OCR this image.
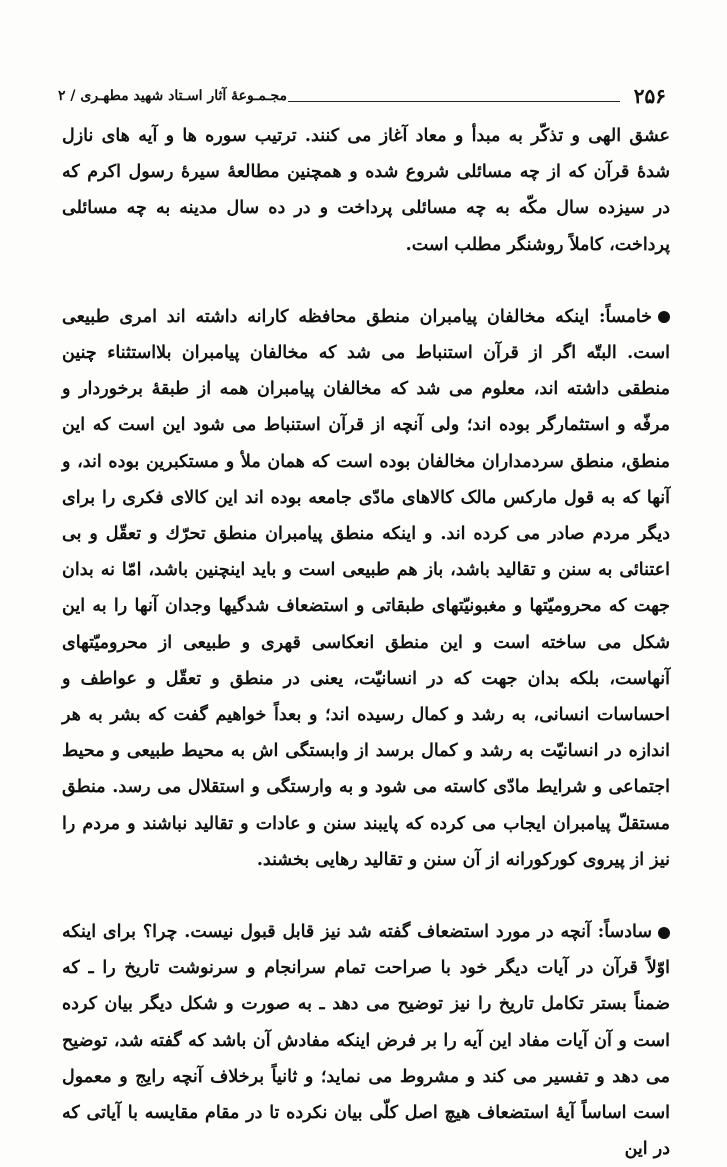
۲۵۶
مجـمـوعهٔ آثار اسـتاد شهید مطهـری / ۲

عشق الهی و تذکّر به مبدأ و معاد آغاز می کنند. ترتیب سوره ها و آیه های نازل شدهٔ قرآن که از چه مسائلی شروع شده و همچنین مطالعهٔ سیرهٔ رسول اکرم که در سیزده سال مکّه به چه مسائلی پرداخت و در ده سال مدینه به چه مسائلی پرداخت، کاملاً روشنگر مطلب است.

خامساً: اینکه مخالفان پیامبران منطق محافظه کارانه داشته اند امری طبیعی است. البتّه اگر از قرآن استنباط می شد که مخالفان پیامبران بلااستثناء چنین منطقی داشته اند، معلوم می شد که مخالفان پیامبران همه از طبقهٔ برخوردار و مرفّه و استثمارگر بوده اند؛ ولی آنچه از قرآن استنباط می شود این است که این منطق، منطق سردمداران مخالفان بوده است که همان ملأ و مستکبرین بوده اند، و آنها که به قول مارکس مالک کالاهای مادّی جامعه بوده اند این کالای فکری را برای دیگر مردم صادر می کرده اند. و اینکه منطق پیامبران منطق تحرّك و تعقّل و بی اعتنائی به سنن و تقالید باشد، باز هم طبیعی است و باید اینچنین باشد، امّا نه بدان جهت که محرومیّتها و مغبونیّتهای طبقاتی و استضعاف شدگیها وجدان آنها را به این شکل می ساخته است و این منطق انعکاسی قهری و طبیعی از محرومیّتهای آنهاست، بلکه بدان جهت که در انسانیّت، یعنی در منطق و تعقّل و عواطف و احساسات انسانی، به رشد و کمال رسیده اند؛ و بعداً خواهیم گفت که بشر به هر اندازه در انسانیّت به رشد و کمال برسد از وابستگی اش به محیط طبیعی و محیط اجتماعی و شرایط مادّی کاسته می شود و به وارستگی و استقلال می رسد. منطق مستقلّ پیامبران ایجاب می کرده که پایبند سنن و عادات و تقالید نباشند و مردم را نیز از پیروی کورکورانه از آن سنن و تقالید رهایی بخشند.

سادساً: آنچه در مورد استضعاف گفته شد نیز قابل قبول نیست. چرا؟ برای اینکه اوّلاً قرآن در آیات دیگر خود با صراحت تمام سرانجام و سرنوشت تاریخ را ـ که ضمناً بستر تکامل تاریخ را نیز توضیح می دهد ـ به صورت و شکل دیگر بیان کرده است و آن آیات مفاد این آیه را بر فرض اینکه مفادش آن باشد که گفته شد، توضیح می دهد و تفسیر می کند و مشروط می نماید؛ و ثانیاً برخلاف آنچه رایج و معمول است اساساً آیهٔ استضعاف هیچ اصل کلّی بیان نکرده تا در مقام مقایسه با آیاتی که در این
